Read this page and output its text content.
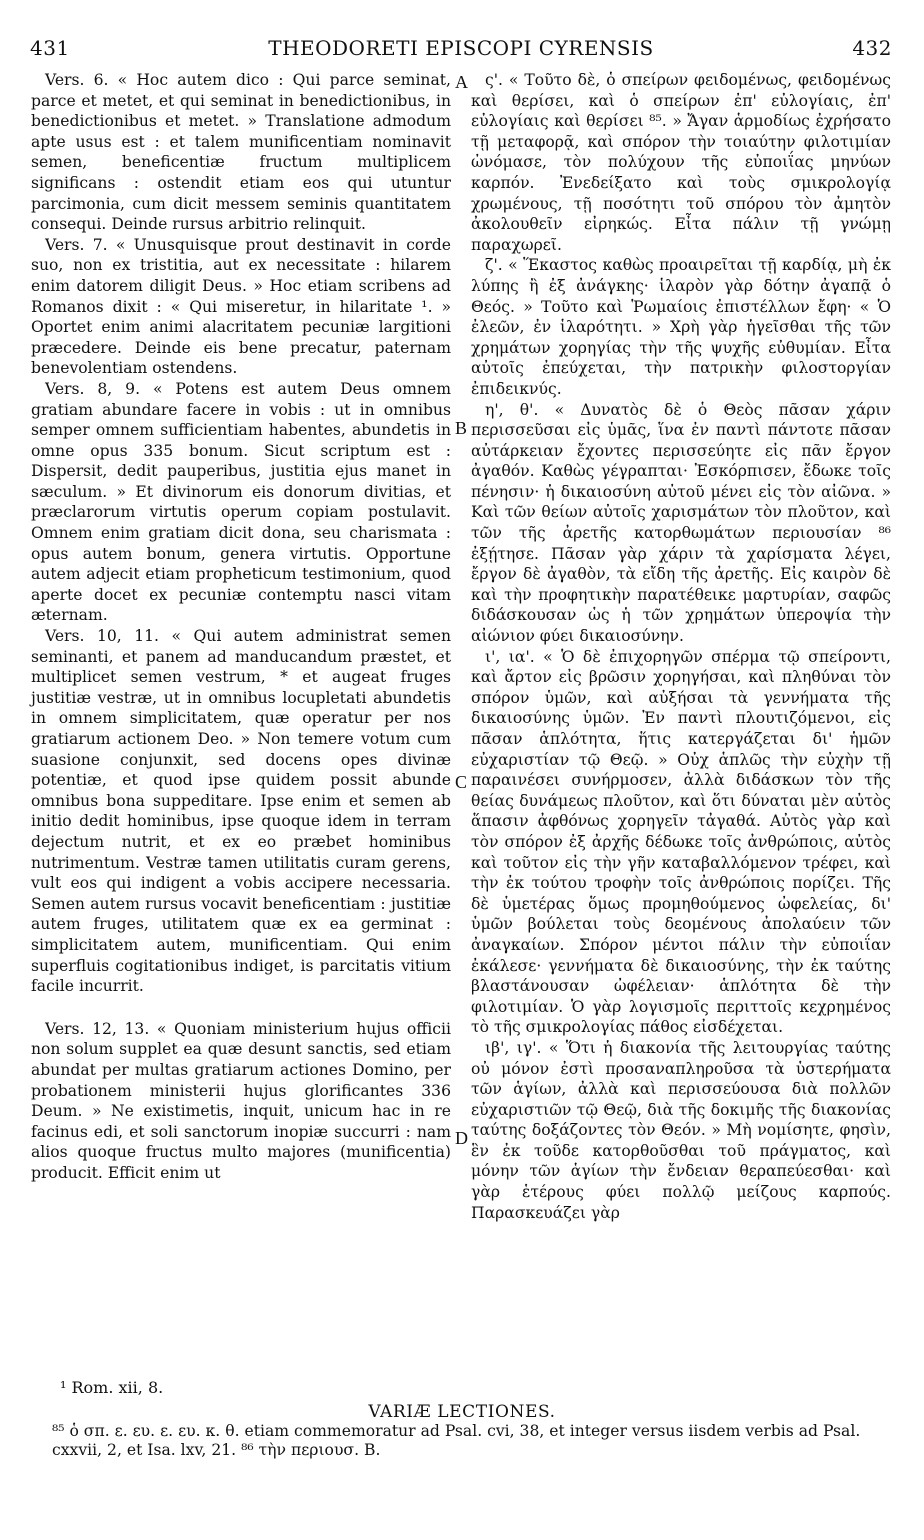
431	THEODORETI EPISCOPI CYRENSIS	432

Vers. 6. « Hoc autem dico : Qui parce seminat, parce et metet, et qui seminat in benedictionibus, in benedictionibus et metet. » Translatione admodum apte usus est : et talem munificentiam nominavit semen, beneficentiæ fructum multiplicem significans : ostendit etiam eos qui utuntur parcimonia, cum dicit messem seminis quantitatem consequi. Deinde rursus arbitrio relinquit.

Vers. 7. « Unusquisque prout destinavit in corde suo, non ex tristitia, aut ex necessitate : hilarem enim datorem diligit Deus. » Hoc etiam scribens ad Romanos dixit : « Qui miseretur, in hilaritate ¹. » Oportet enim animi alacritatem pecuniæ largitioni præcedere. Deinde eis bene precatur, paternam benevolentiam ostendens.

Vers. 8, 9. « Potens est autem Deus omnem gratiam abundare facere in vobis : ut in omnibus semper omnem sufficientiam habentes, abundetis in omne opus 335 bonum. Sicut scriptum est : Dispersit, dedit pauperibus, justitia ejus manet in sæculum. » Et divinorum eis donorum divitias, et præclarorum virtutis operum copiam postulavit. Omnem enim gratiam dicit dona, seu charismata : opus autem bonum, genera virtutis. Opportune autem adjecit etiam propheticum testimonium, quod aperte docet ex pecuniæ contemptu nasci vitam æternam.

Vers. 10, 11. « Qui autem administrat semen seminanti, et panem ad manducandum præstet, et multiplicet semen vestrum, * et augeat fruges justitiæ vestræ, ut in omnibus locupletati abundetis in omnem simplicitatem, quæ operatur per nos gratiarum actionem Deo. » Non temere votum cum suasione conjunxit, sed docens opes divinæ potentiæ, et quod ipse quidem possit abunde omnibus bona suppeditare. Ipse enim et semen ab initio dedit hominibus, ipse quoque idem in terram dejectum nutrit, et ex eo præbet hominibus nutrimentum. Vestræ tamen utilitatis curam gerens, vult eos qui indigent a vobis accipere necessaria. Semen autem rursus vocavit beneficentiam : justitiæ autem fruges, utilitatem quæ ex ea germinat : simplicitatem autem, munificentiam. Qui enim superfluis cogitationibus indiget, is parcitatis vitium facile incurrit.

Vers. 12, 13. « Quoniam ministerium hujus officii non solum supplet ea quæ desunt sanctis, sed etiam abundat per multas gratiarum actiones Domino, per probationem ministerii hujus glorificantes 336 Deum. » Ne existimetis, inquit, unicum hac in re facinus edi, et soli sanctorum inopiæ succurri : nam alios quoque fructus multo majores (munificentia) producit. Efficit enim ut

ς'. « Τοῦτο δὲ, ὁ σπείρων φειδομένως, φειδομένως καὶ θερίσει, καὶ ὁ σπείρων ἐπ' εὐλογίαις, ἐπ' εὐλογίαις καὶ θερίσει ⁸⁵. » Ἄγαν ἁρμοδίως ἐχρήσατο τῇ μεταφορᾷ, καὶ σπόρον τὴν τοιαύτην φιλοτιμίαν ὠνόμασε, τὸν πολύχουν τῆς εὐποιΐας μηνύων καρπόν. Ἐνεδείξατο καὶ τοὺς σμικρολογίᾳ χρωμένους, τῇ ποσότητι τοῦ σπόρου τὸν ἀμητὸν ἀκολουθεῖν εἰρηκώς. Εἶτα πάλιν τῇ γνώμῃ παραχωρεῖ.

ζ'. « Ἕκαστος καθὼς προαιρεῖται τῇ καρδίᾳ, μὴ ἐκ λύπης ἢ ἐξ ἀνάγκης· ἱλαρὸν γὰρ δότην ἀγαπᾷ ὁ Θεός. » Τοῦτο καὶ Ῥωμαίοις ἐπιστέλλων ἔφη· « Ὁ ἐλεῶν, ἐν ἱλαρότητι. » Χρὴ γὰρ ἡγεῖσθαι τῆς τῶν χρημάτων χορηγίας τὴν τῆς ψυχῆς εὐθυμίαν. Εἶτα αὐτοῖς ἐπεύχεται, τὴν πατρικὴν φιλοστοργίαν ἐπιδεικνύς.

η', θ'. « Δυνατὸς δὲ ὁ Θεὸς πᾶσαν χάριν περισσεῦσαι εἰς ὑμᾶς, ἵνα ἐν παντὶ πάντοτε πᾶσαν αὐτάρκειαν ἔχοντες περισσεύητε εἰς πᾶν ἔργον ἀγαθόν. Καθὼς γέγραπται· Ἐσκόρπισεν, ἔδωκε τοῖς πένησιν· ἡ δικαιοσύνη αὐτοῦ μένει εἰς τὸν αἰῶνα. » Καὶ τῶν θείων αὐτοῖς χαρισμάτων τὸν πλοῦτον, καὶ τῶν τῆς ἀρετῆς κατορθωμάτων περιουσίαν ⁸⁶ ἐξῄτησε. Πᾶσαν γὰρ χάριν τὰ χαρίσματα λέγει, ἔργον δὲ ἀγαθὸν, τὰ εἴδη τῆς ἀρετῆς. Εἰς καιρὸν δὲ καὶ τὴν προφητικὴν παρατέθεικε μαρτυρίαν, σαφῶς διδάσκουσαν ὡς ἡ τῶν χρημάτων ὑπεροψία τὴν αἰώνιον φύει δικαιοσύνην.

ι', ια'. « Ὁ δὲ ἐπιχορηγῶν σπέρμα τῷ σπείροντι, καὶ ἄρτον εἰς βρῶσιν χορηγήσαι, καὶ πληθύναι τὸν σπόρον ὑμῶν, καὶ αὐξήσαι τὰ γεννήματα τῆς δικαιοσύνης ὑμῶν. Ἐν παντὶ πλουτιζόμενοι, εἰς πᾶσαν ἁπλότητα, ἥτις κατεργάζεται δι' ἡμῶν εὐχαριστίαν τῷ Θεῷ. » Οὐχ ἁπλῶς τὴν εὐχὴν τῇ παραινέσει συνήρμοσεν, ἀλλὰ διδάσκων τὸν τῆς θείας δυνάμεως πλοῦτον, καὶ ὅτι δύναται μὲν αὐτὸς ἅπασιν ἀφθόνως χορηγεῖν τἀγαθά. Αὐτὸς γὰρ καὶ τὸν σπόρον ἐξ ἀρχῆς δέδωκε τοῖς ἀνθρώποις, αὐτὸς καὶ τοῦτον εἰς τὴν γῆν καταβαλλόμενον τρέφει, καὶ τὴν ἐκ τούτου τροφὴν τοῖς ἀνθρώποις πορίζει. Τῆς δὲ ὑμετέρας ὅμως προμηθούμενος ὠφελείας, δι' ὑμῶν βούλεται τοὺς δεομένους ἀπολαύειν τῶν ἀναγκαίων. Σπόρον μέντοι πάλιν τὴν εὐποιΐαν ἐκάλεσε· γεννήματα δὲ δικαιοσύνης, τὴν ἐκ ταύτης βλαστάνουσαν ὠφέλειαν· ἁπλότητα δὲ τὴν φιλοτιμίαν. Ὁ γὰρ λογισμοῖς περιττοῖς κεχρημένος τὸ τῆς σμικρολογίας πάθος εἰσδέχεται.

ιβ', ιγ'. « Ὅτι ἡ διακονία τῆς λειτουργίας ταύτης οὐ μόνον ἐστὶ προσαναπληροῦσα τὰ ὑστερήματα τῶν ἁγίων, ἀλλὰ καὶ περισσεύουσα διὰ πολλῶν εὐχαριστιῶν τῷ Θεῷ, διὰ τῆς δοκιμῆς τῆς διακονίας ταύτης δοξάζοντες τὸν Θεόν. » Μὴ νομίσητε, φησὶν, ἓν ἐκ τοῦδε κατορθοῦσθαι τοῦ πράγματος, καὶ μόνην τῶν ἁγίων τὴν ἔνδειαν θεραπεύεσθαι· καὶ γὰρ ἑτέρους φύει πολλῷ μείζους καρπούς. Παρασκευάζει γὰρ

A
B
C
D
¹ Rom. xii, 8.
VARIÆ LECTIONES.
⁸⁵ ὁ σπ. ε. ευ. ε. ευ. κ. θ. etiam commemoratur ad Psal. cvi, 38, et integer versus iisdem verbis ad Psal. cxxvii, 2, et Isa. lxv, 21. ⁸⁶ τὴν περιουσ. B.
